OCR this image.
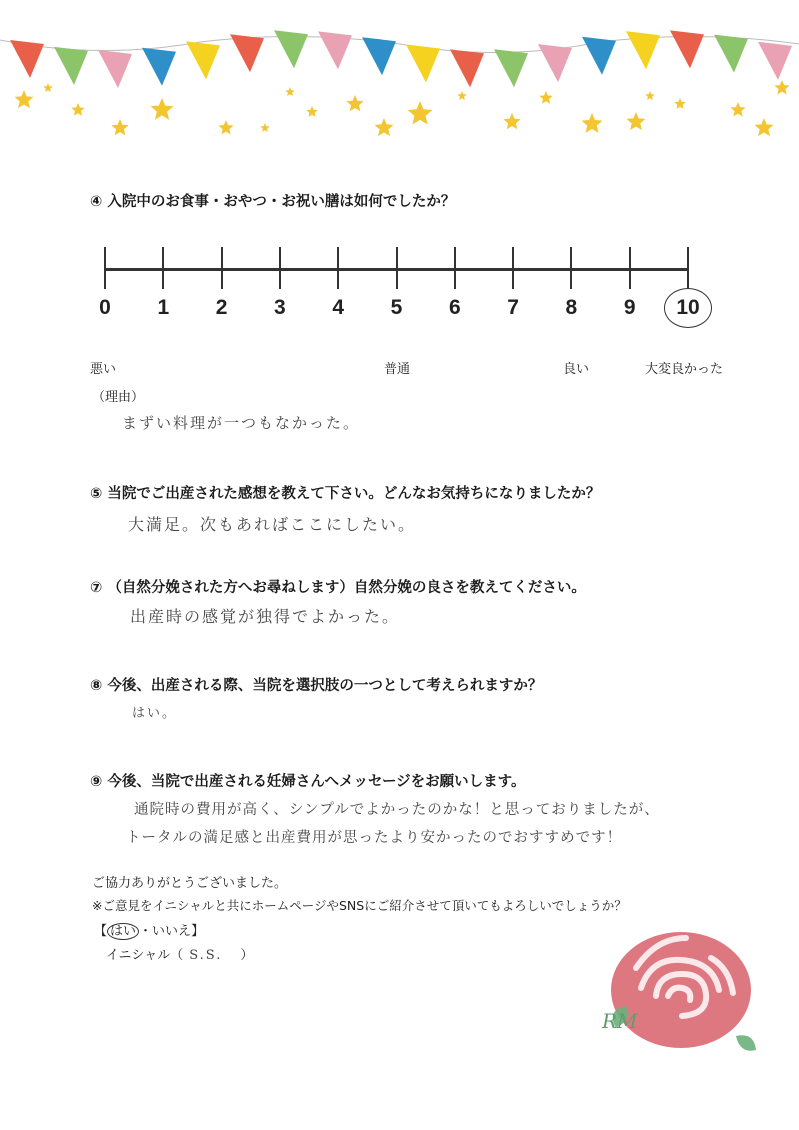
④ 入院中のお食事・おやつ・お祝い膳は如何でしたか？
0	1	2	3	4	5	6	7	8	9	10
悪い	普通	良い	大変良かった
（理由）
まずい料理が一つもなかった。
⑤ 当院でご出産された感想を教えて下さい。どんなお気持ちになりましたか？
大満足。次もあればここにしたい。
⑦ （自然分娩された方へお尋ねします）自然分娩の良さを教えてください。
出産時の感覚が独得でよかった。
⑧ 今後、出産される際、当院を選択肢の一つとして考えられますか？
はい。
⑨ 今後、当院で出産される妊婦さんへメッセージをお願いします。
通院時の費用が高く、シンプルでよかったのかな！と思っておりましたが、
トータルの満足感と出産費用が思ったより安かったのでおすすめです！
ご協力ありがとうございました。
※ご意見をイニシャルと共にホームページやSNSにご紹介させて頂いてもよろしいでしょうか？
【 はい ・いいえ】
イニシャル（ S.S. ）
RM
